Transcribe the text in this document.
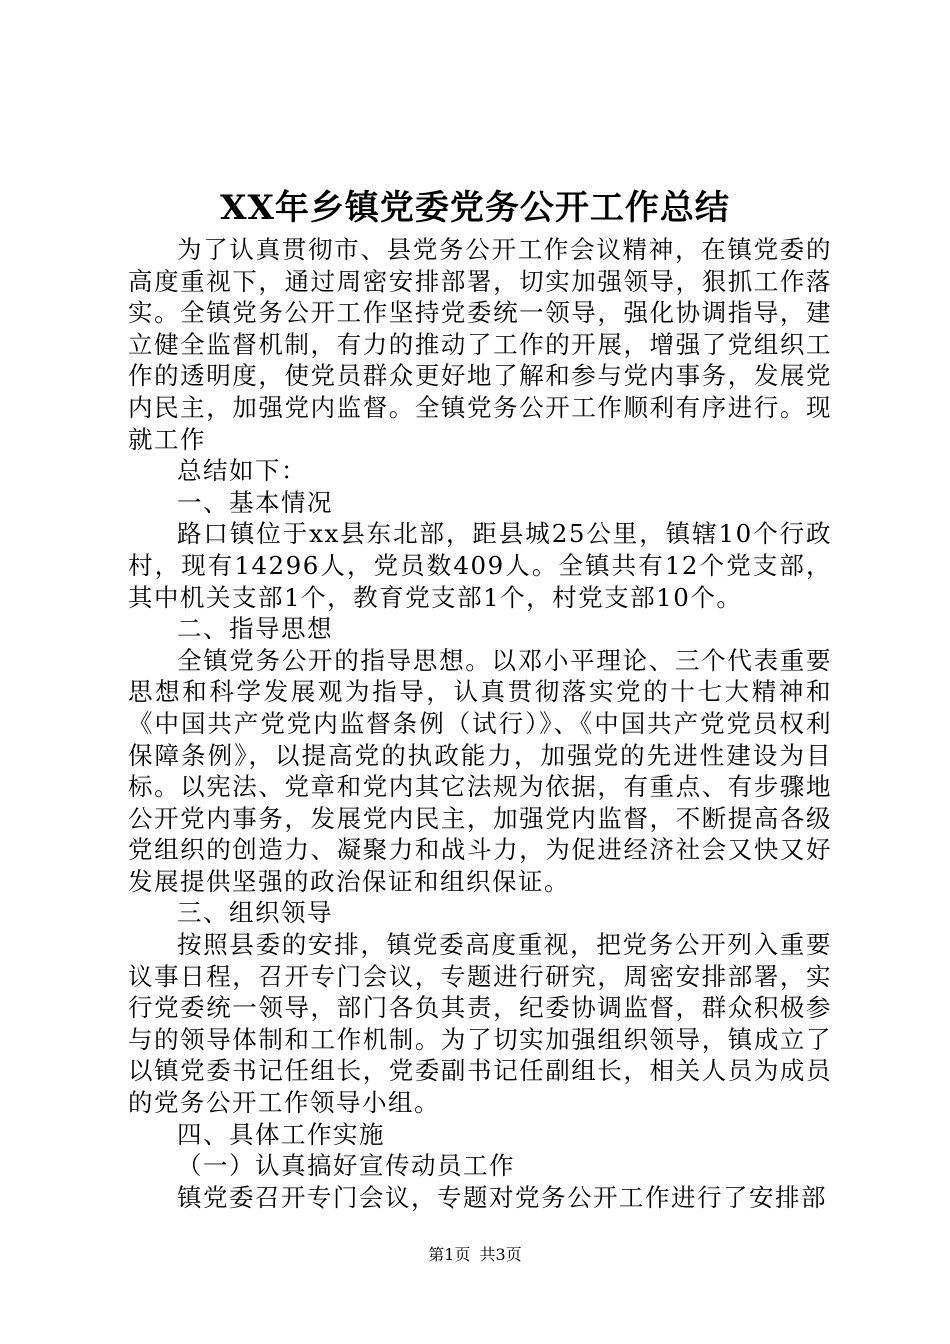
XX年乡镇党委党务公开工作总结

为了认真贯彻市、县党务公开工作会议精神，在镇党委的高度重视下，通过周密安排部署，切实加强领导，狠抓工作落实。全镇党务公开工作坚持党委统一领导，强化协调指导，建立健全监督机制，有力的推动了工作的开展，增强了党组织工作的透明度，使党员群众更好地了解和参与党内事务，发展党内民主，加强党内监督。全镇党务公开工作顺利有序进行。现就工作

总结如下：

一、基本情况

路口镇位于xx县东北部，距县城25公里，镇辖10个行政村，现有14296人，党员数409人。全镇共有12个党支部，其中机关支部1个，教育党支部1个，村党支部10个。

二、指导思想

全镇党务公开的指导思想。以邓小平理论、三个代表重要思想和科学发展观为指导，认真贯彻落实党的十七大精神和《中国共产党党内监督条例（试行）》、《中国共产党党员权利保障条例》，以提高党的执政能力，加强党的先进性建设为目标。以宪法、党章和党内其它法规为依据，有重点、有步骤地公开党内事务，发展党内民主，加强党内监督，不断提高各级党组织的创造力、凝聚力和战斗力，为促进经济社会又快又好发展提供坚强的政治保证和组织保证。

三、组织领导

按照县委的安排，镇党委高度重视，把党务公开列入重要议事日程，召开专门会议，专题进行研究，周密安排部署，实行党委统一领导，部门各负其责，纪委协调监督，群众积极参与的领导体制和工作机制。为了切实加强组织领导，镇成立了以镇党委书记任组长，党委副书记任副组长，相关人员为成员的党务公开工作领导小组。

四、具体工作实施

（一）认真搞好宣传动员工作

镇党委召开专门会议，专题对党务公开工作进行了安排部

第1页 共3页
